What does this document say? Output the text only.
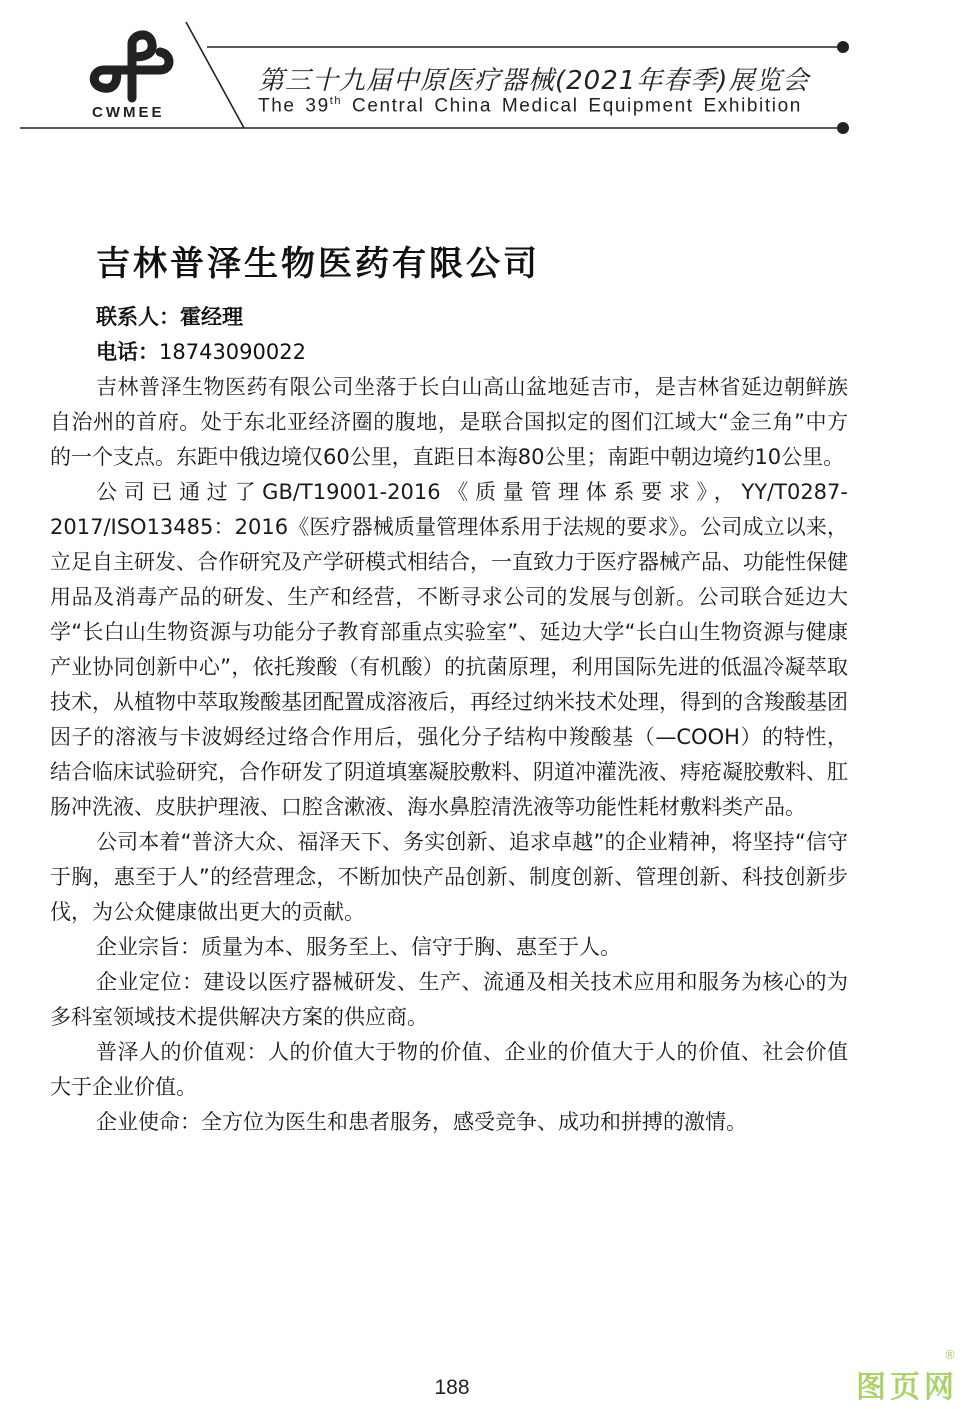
CWMEE
第三十九届中原医疗器械(2021年春季)展览会
The 39th Central China Medical Equipment Exhibition
吉林普泽生物医药有限公司
联系人：霍经理
电话：18743090022

吉林普泽生物医药有限公司坐落于长白山高山盆地延吉市，是吉林省延边朝鲜族自治州的首府。处于东北亚经济圈的腹地，是联合国拟定的图们江域大“金三角”中方的一个支点。东距中俄边境仅60公里，直距日本海80公里；南距中朝边境约10公里。

公司已通过了GB/T19001-2016《质量管理体系要求》，YY/T0287-2017/ISO13485：2016《医疗器械质量管理体系用于法规的要求》。公司成立以来，立足自主研发、合作研究及产学研模式相结合，一直致力于医疗器械产品、功能性保健用品及消毒产品的研发、生产和经营，不断寻求公司的发展与创新。公司联合延边大学“长白山生物资源与功能分子教育部重点实验室”、延边大学“长白山生物资源与健康产业协同创新中心”，依托羧酸（有机酸）的抗菌原理，利用国际先进的低温冷凝萃取技术，从植物中萃取羧酸基团配置成溶液后，再经过纳米技术处理，得到的含羧酸基团因子的溶液与卡波姆经过络合作用后，强化分子结构中羧酸基（—COOH）的特性，结合临床试验研究，合作研发了阴道填塞凝胶敷料、阴道冲灌洗液、痔疮凝胶敷料、肛肠冲洗液、皮肤护理液、口腔含漱液、海水鼻腔清洗液等功能性耗材敷料类产品。

公司本着“普济大众、福泽天下、务实创新、追求卓越”的企业精神，将坚持“信守于胸，惠至于人”的经营理念，不断加快产品创新、制度创新、管理创新、科技创新步伐，为公众健康做出更大的贡献。

企业宗旨：质量为本、服务至上、信守于胸、惠至于人。

企业定位：建设以医疗器械研发、生产、流通及相关技术应用和服务为核心的为多科室领域技术提供解决方案的供应商。

普泽人的价值观：人的价值大于物的价值、企业的价值大于人的价值、社会价值大于企业价值。

企业使命：全方位为医生和患者服务，感受竞争、成功和拼搏的激情。

188	图页网
®
